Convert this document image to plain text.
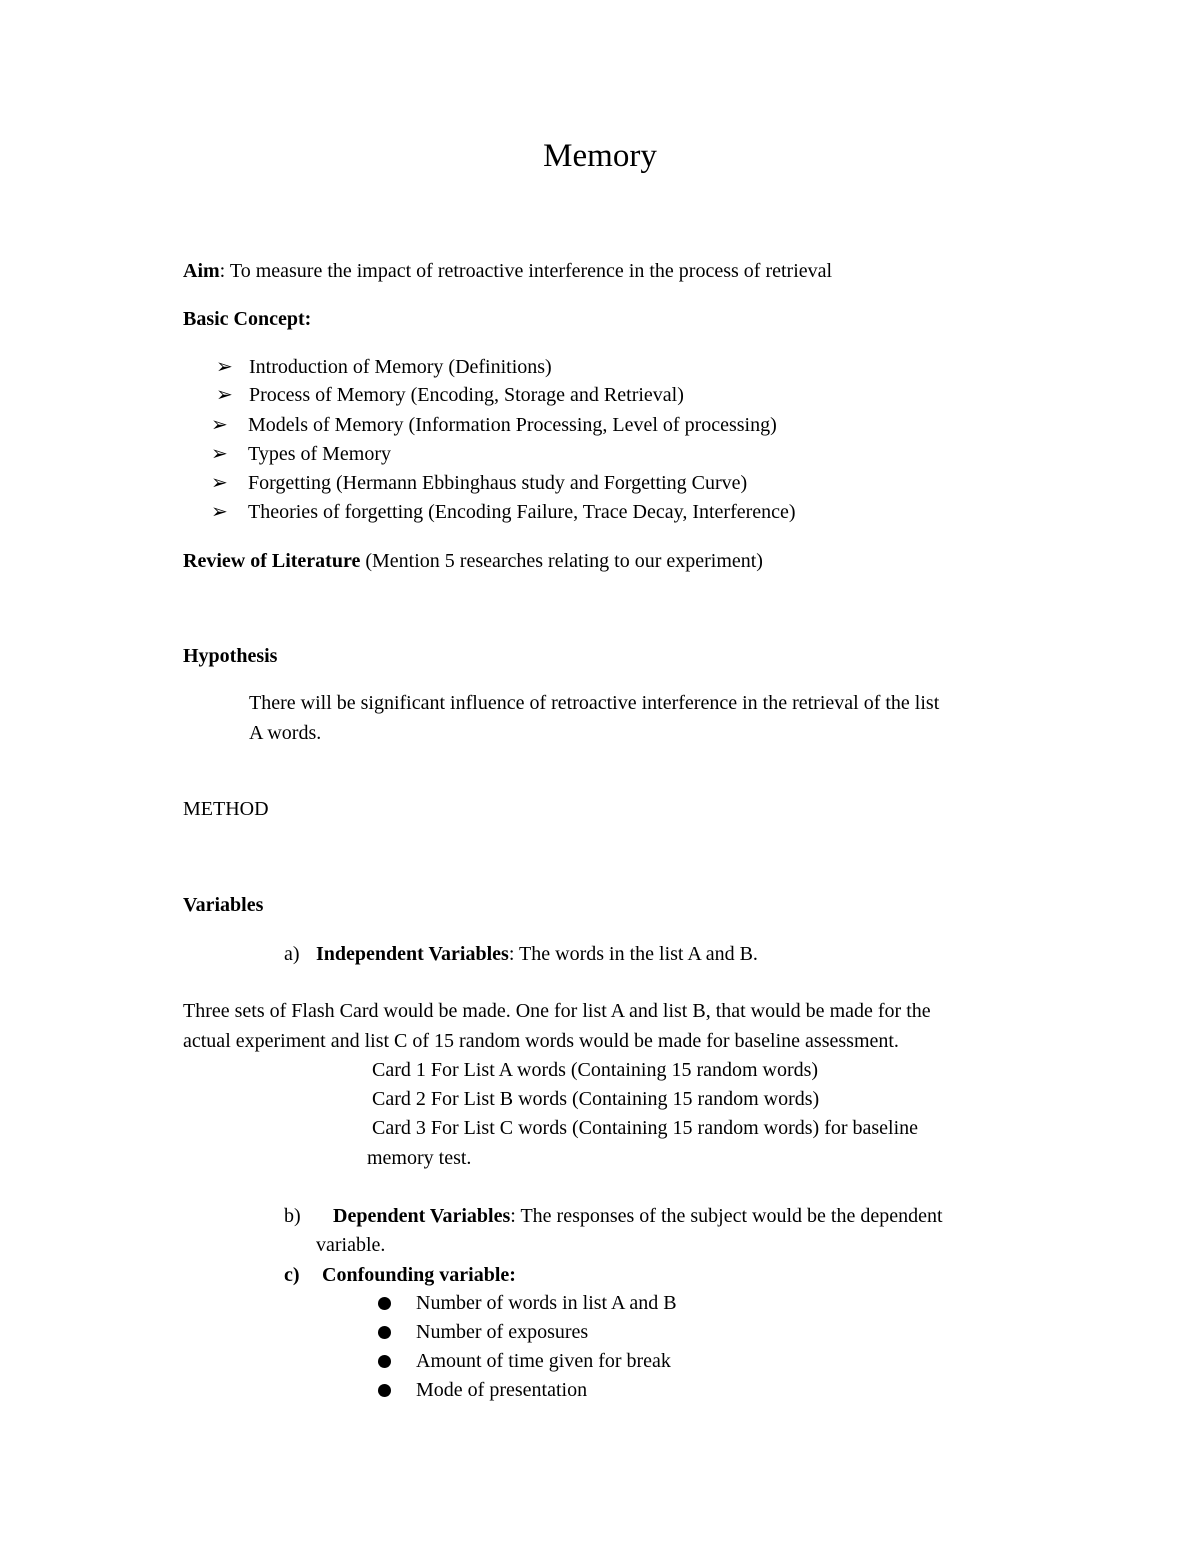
Memory
Aim: To measure the impact of retroactive interference in the process of retrieval
Basic Concept:
➢ Introduction of Memory (Definitions)
➢ Process of Memory (Encoding, Storage and Retrieval)
➢ Models of Memory (Information Processing, Level of processing)
➢ Types of Memory
➢ Forgetting (Hermann Ebbinghaus study and Forgetting Curve)
➢ Theories of forgetting (Encoding Failure, Trace Decay, Interference)
Review of Literature (Mention 5 researches relating to our experiment)
Hypothesis
There will be significant influence of retroactive interference in the retrieval of the list
A words.
METHOD
Variables
a) Independent Variables: The words in the list A and B.
Three sets of Flash Card would be made. One for list A and list B, that would be made for the
actual experiment and list C of 15 random words would be made for baseline assessment.
Card 1 For List A words (Containing 15 random words)
Card 2 For List B words (Containing 15 random words)
Card 3 For List C words (Containing 15 random words) for baseline
memory test.
b) Dependent Variables: The responses of the subject would be the dependent
variable.
c) Confounding variable:
Number of words in list A and B
Number of exposures
Amount of time given for break
Mode of presentation
